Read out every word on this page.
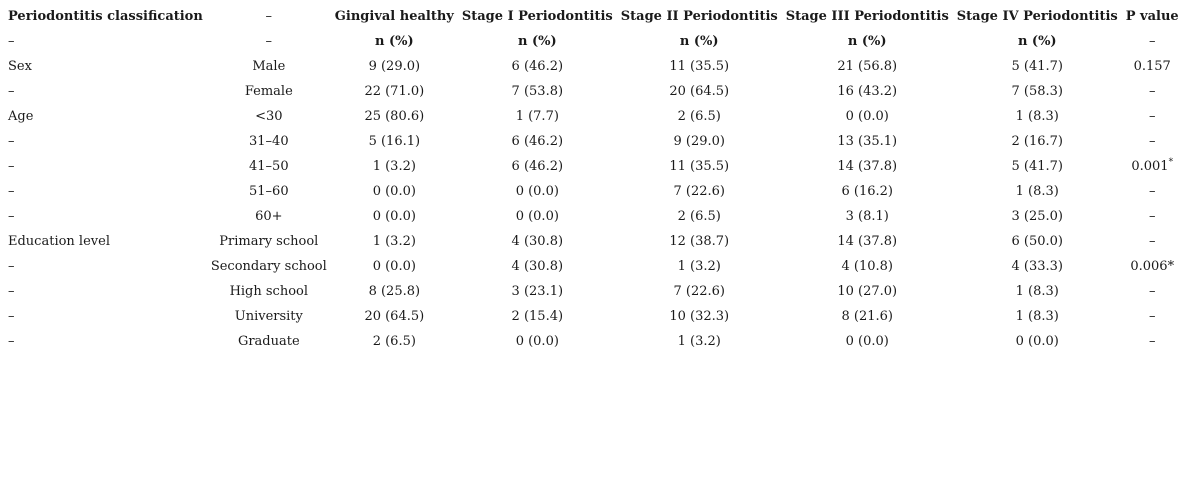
Periodontitis classification	–	Gingival healthy	Stage I Periodontitis	Stage II Periodontitis	Stage III Periodontitis	Stage IV Periodontitis	P value
–	–	n (%)	n (%)	n (%)	n (%)	n (%)	–
Sex	Male	9 (29.0)	6 (46.2)	11 (35.5)	21 (56.8)	5 (41.7)	0.157
–	Female	22 (71.0)	7 (53.8)	20 (64.5)	16 (43.2)	7 (58.3)	–
Age	<30	25 (80.6)	1 (7.7)	2 (6.5)	0 (0.0)	1 (8.3)	–
–	31–40	5 (16.1)	6 (46.2)	9 (29.0)	13 (35.1)	2 (16.7)	–
–	41–50	1 (3.2)	6 (46.2)	11 (35.5)	14 (37.8)	5 (41.7)	0.001*
–	51–60	0 (0.0)	0 (0.0)	7 (22.6)	6 (16.2)	1 (8.3)	–
–	60+	0 (0.0)	0 (0.0)	2 (6.5)	3 (8.1)	3 (25.0)	–
Education level	Primary school	1 (3.2)	4 (30.8)	12 (38.7)	14 (37.8)	6 (50.0)	–
–	Secondary school	0 (0.0)	4 (30.8)	1 (3.2)	4 (10.8)	4 (33.3)	0.006*
–	High school	8 (25.8)	3 (23.1)	7 (22.6)	10 (27.0)	1 (8.3)	–
–	University	20 (64.5)	2 (15.4)	10 (32.3)	8 (21.6)	1 (8.3)	–
–	Graduate	2 (6.5)	0 (0.0)	1 (3.2)	0 (0.0)	0 (0.0)	–
